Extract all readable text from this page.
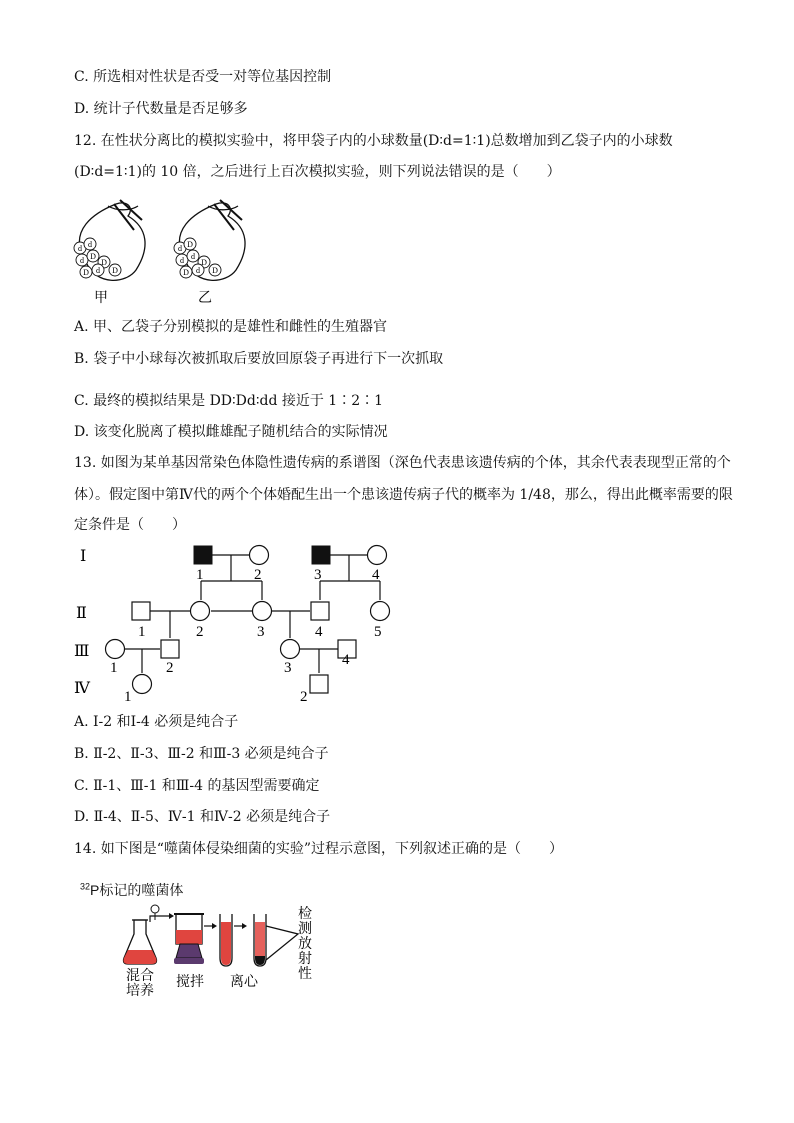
C. 所选相对性状是否受一对等位基因控制
D. 统计子代数量是否足够多
12. 在性状分离比的模拟实验中，将甲袋子内的小球数量(D∶d=1∶1)总数增加到乙袋子内的小球数
(D∶d=1∶1)的 10 倍，之后进行上百次模拟实验，则下列说法错误的是（　　）
d d
d D
D
D
d
D
甲
d D
d d
D
D
d
D
乙
A. 甲、乙袋子分别模拟的是雄性和雌性的生殖器官
B. 袋子中小球每次被抓取后要放回原袋子再进行下一次抓取
C. 最终的模拟结果是 DD∶Dd∶dd 接近于 1∶2∶1
D. 该变化脱离了模拟雌雄配子随机结合的实际情况
13. 如图为某单基因常染色体隐性遗传病的系谱图（深色代表患该遗传病的个体，其余代表表现型正常的个
体）。假定图中第Ⅳ代的两个个体婚配生出一个患该遗传病子代的概率为 1/48，那么，得出此概率需要的限
定条件是（　　）
Ⅰ
Ⅱ
Ⅲ
Ⅳ
1	2	3	4
1	2	3	4	5
1	2	3	4
1	2
A. Ⅰ-2 和Ⅰ-4 必须是纯合子
B. Ⅱ-2、Ⅱ-3、Ⅲ-2 和Ⅲ-3 必须是纯合子
C. Ⅱ-1、Ⅲ-1 和Ⅲ-4 的基因型需要确定
D. Ⅱ-4、Ⅱ-5、Ⅳ-1 和Ⅳ-2 必须是纯合子
14. 如下图是“噬菌体侵染细菌的实验”过程示意图，下列叙述正确的是（　　）
$^{32}$P标记的噬菌体
混合
培养
搅拌 离心
检
测
放
射
性
